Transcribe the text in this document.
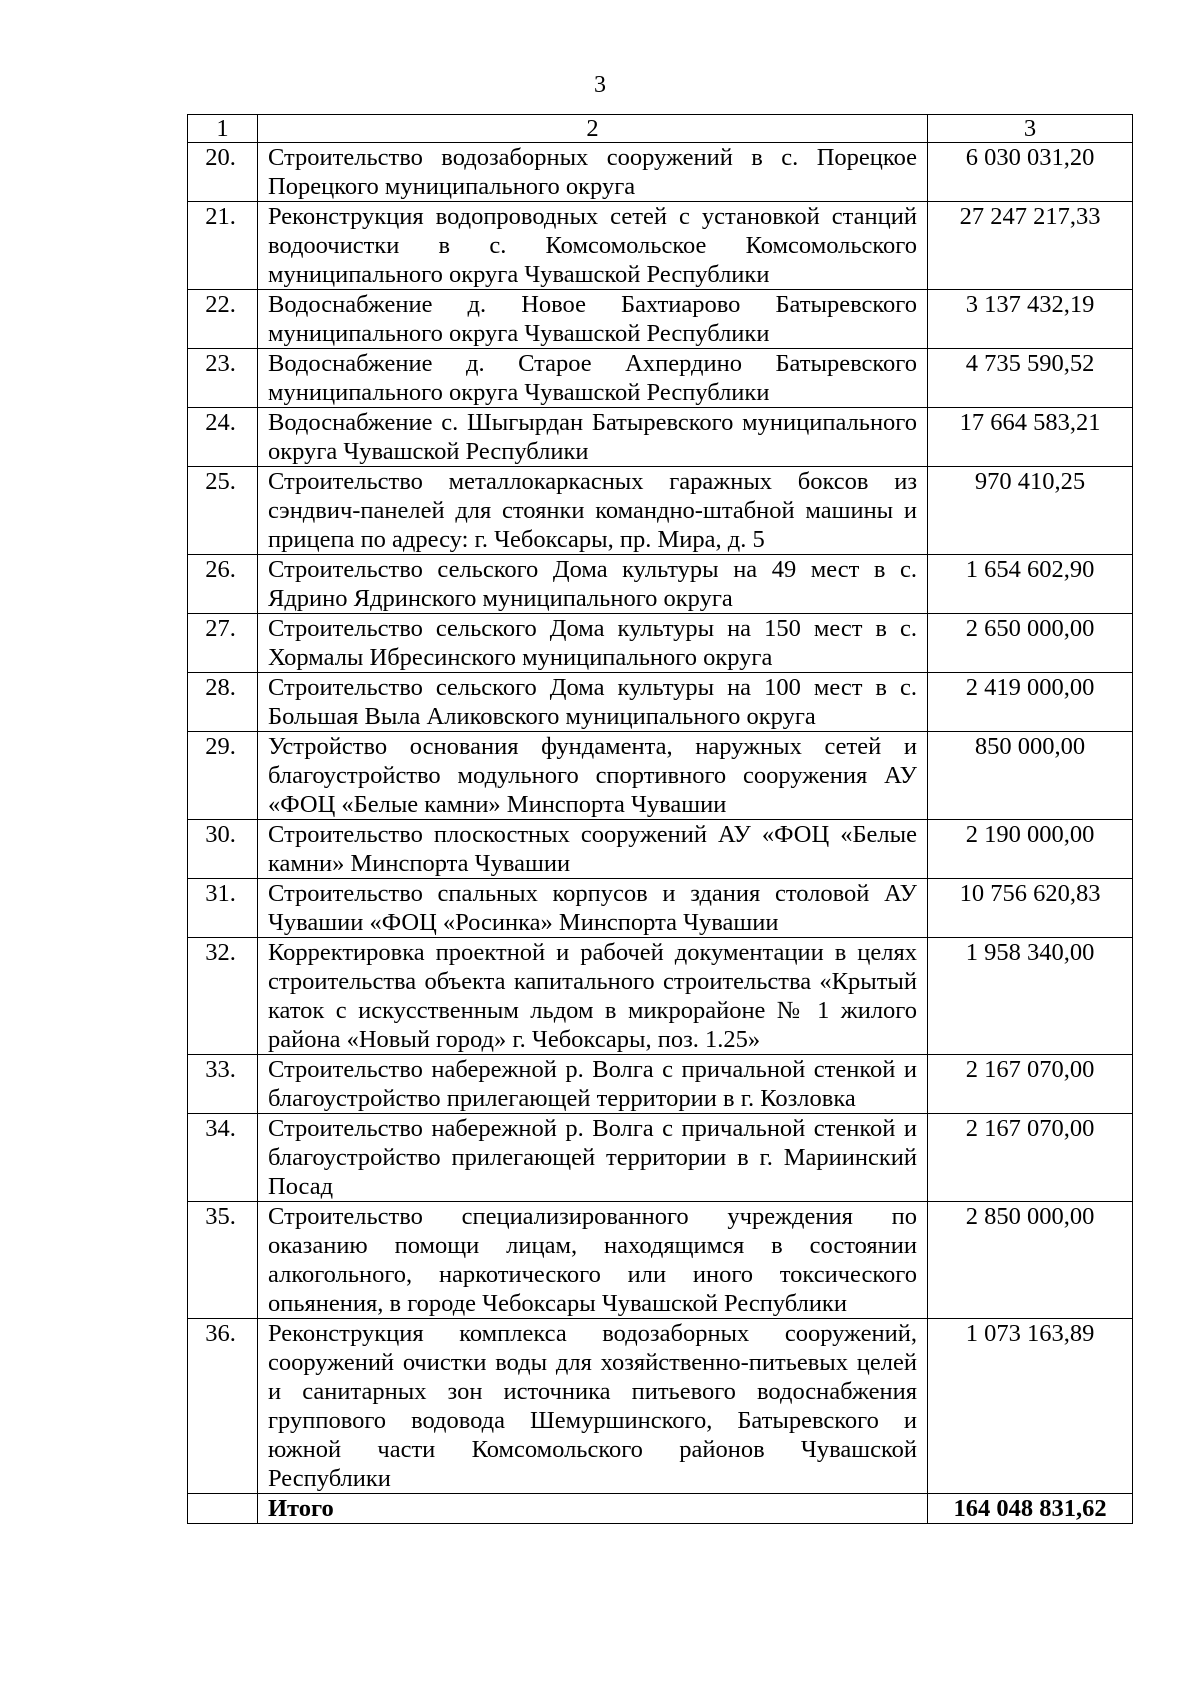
3
1	2	3
20.	Строительство водозаборных сооружений в с. Порецкое Порецкого муниципального округа	6 030 031,20
21.	Реконструкция водопроводных сетей с установкой станций водоочистки в с. Комсомольское Комсомольского муниципального округа Чувашской Республики	27 247 217,33
22.	Водоснабжение д. Новое Бахтиарово Батыревского муниципального округа Чувашской Республики	3 137 432,19
23.	Водоснабжение д. Старое Ахпердино Батыревского муниципального округа Чувашской Республики	4 735 590,52
24.	Водоснабжение с. Шыгырдан Батыревского муниципального округа Чувашской Республики	17 664 583,21
25.	Строительство металлокаркасных гаражных боксов из сэндвич-панелей для стоянки командно-штабной машины и прицепа по адресу: г. Чебоксары, пр. Мира, д. 5	970 410,25
26.	Строительство сельского Дома культуры на 49 мест в с. Ядрино Ядринского муниципального округа	1 654 602,90
27.	Строительство сельского Дома культуры на 150 мест в с. Хормалы Ибресинского муниципального округа	2 650 000,00
28.	Строительство сельского Дома культуры на 100 мест в с. Большая Выла Аликовского муниципального округа	2 419 000,00
29.	Устройство основания фундамента, наружных сетей и благоустройство модульного спортивного сооружения АУ «ФОЦ «Белые камни» Минспорта Чувашии	850 000,00
30.	Строительство плоскостных сооружений АУ «ФОЦ «Белые камни» Минспорта Чувашии	2 190 000,00
31.	Строительство спальных корпусов и здания столовой АУ Чувашии «ФОЦ «Росинка» Минспорта Чувашии	10 756 620,83
32.	Корректировка проектной и рабочей документации в целях строительства объекта капитального строительства «Крытый каток с искусственным льдом в микрорайоне № 1 жилого района «Новый город» г. Чебоксары, поз. 1.25»	1 958 340,00
33.	Строительство набережной р. Волга с причальной стенкой и благоустройство прилегающей территории в г. Козловка	2 167 070,00
34.	Строительство набережной р. Волга с причальной стенкой и благоустройство прилегающей территории в г. Мариинский Посад	2 167 070,00
35.	Строительство специализированного учреждения по оказанию помощи лицам, находящимся в состоянии алкогольного, наркотического или иного токсического опьянения, в городе Чебоксары Чувашской Республики	2 850 000,00
36.	Реконструкция комплекса водозаборных сооружений, сооружений очистки воды для хозяйственно-питьевых целей и санитарных зон источника питьевого водоснабжения группового водовода Шемуршинского, Батыревского и южной части Комсомольского районов Чувашской Республики	1 073 163,89
	Итого	164 048 831,62
